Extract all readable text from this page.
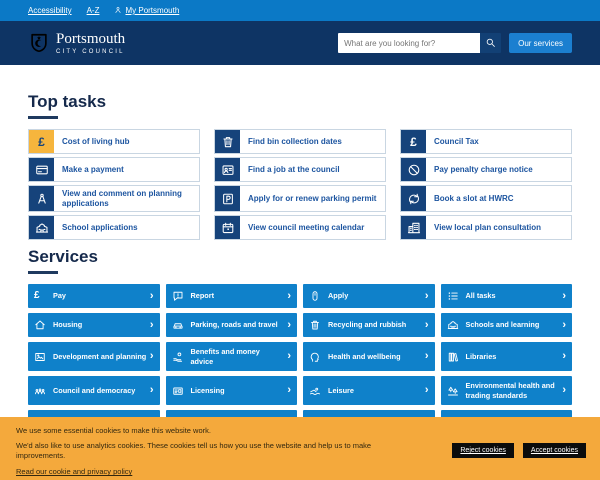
Accessibility A-Z	My Portsmouth
Portsmouth
CITY COUNCIL
What are you looking for?
Our services
Top tasks
£	Cost of living hub
Make a payment
View and comment on planning applications
School applications
Find bin collection dates
Find a job at the council
Apply for or renew parking permit
View council meeting calendar
£	Council Tax
Pay penalty charge notice
Book a slot at HWRC
View local plan consultation
Services
£	Pay	›	Report	›	Apply	›	All tasks	›
Housing	›	Parking, roads and travel ›	Recycling and rubbish	›	Schools and learning	›
Development and planning ›	Benefits and money advice	›	Health and wellbeing	›	Libraries	›
Council and democracy	›	Licensing	›	Leisure	›	Environmental health and trading standards	›

We use some essential cookies to make this website work.

We'd also like to use analytics cookies. These cookies tell us how you use the website and help us to make improvements.

Read our cookie and privacy policy
Reject cookies	Accept cookies
